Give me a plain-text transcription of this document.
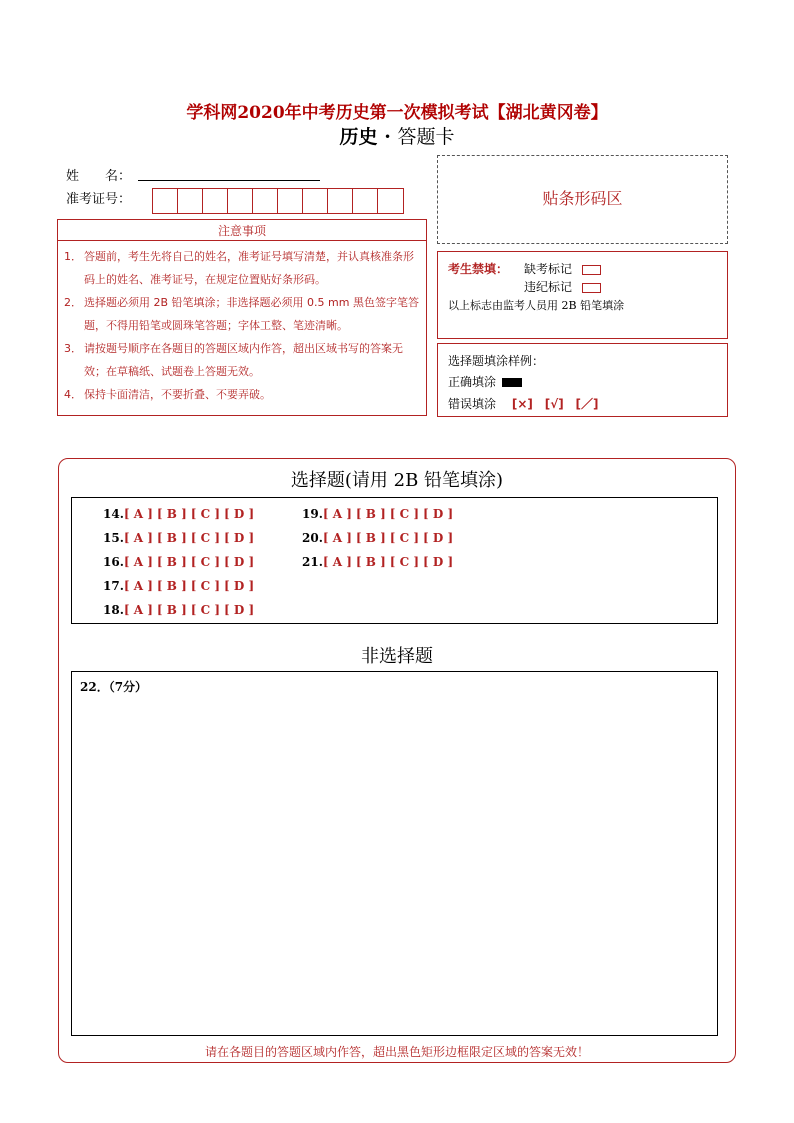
学科网2020年中考历史第一次模拟考试【湖北黄冈卷】
历史 · 答题卡
姓　　名：
准考证号：
注意事项
1． 答题前，考生先将自己的姓名，准考证号填写清楚，并认真核准条形码上的姓名、准考证号，在规定位置贴好条形码。
2． 选择题必须用 2B 铅笔填涂；非选择题必须用 0.5 mm 黑色签字笔答题，不得用铅笔或圆珠笔答题；字体工整、笔迹清晰。
3． 请按题号顺序在各题目的答题区域内作答，超出区域书写的答案无效；在草稿纸、试题卷上答题无效。
4． 保持卡面清洁，不要折叠、不要弄破。
贴条形码区
考生禁填： 缺考标记
违纪标记
以上标志由监考人员用 2B 铅笔填涂
选择题填涂样例：
正确填涂
错误填涂 [×] [√] [／]
选择题(请用 2B 铅笔填涂)
14.[ A ] [ B ] [ C ] [ D ]
15.[ A ] [ B ] [ C ] [ D ]
16.[ A ] [ B ] [ C ] [ D ]
17.[ A ] [ B ] [ C ] [ D ]
18.[ A ] [ B ] [ C ] [ D ]
19.[ A ] [ B ] [ C ] [ D ]
20.[ A ] [ B ] [ C ] [ D ]
21.[ A ] [ B ] [ C ] [ D ]
非选择题
22．（7分）
请在各题目的答题区域内作答，超出黑色矩形边框限定区域的答案无效！
